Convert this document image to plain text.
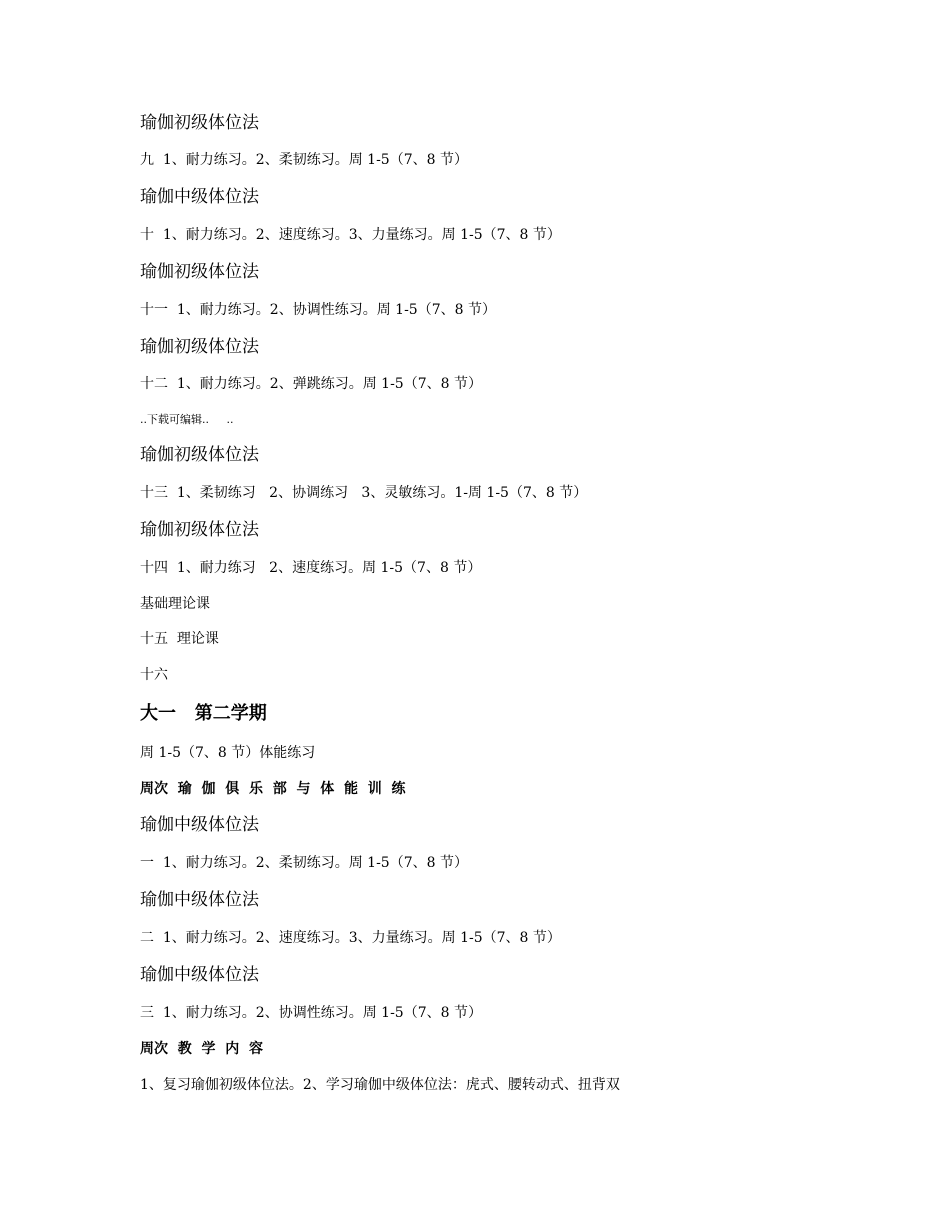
瑜伽初级体位法
九  1、耐力练习。2、柔韧练习。周 1-5（7、8 节）
瑜伽中级体位法
十  1、耐力练习。2、速度练习。3、力量练习。周 1-5（7、8 节）
瑜伽初级体位法
十一  1、耐力练习。2、协调性练习。周 1-5（7、8 节）
瑜伽初级体位法
十二  1、耐力练习。2、弹跳练习。周 1-5（7、8 节）
..下载可编辑..     ..
瑜伽初级体位法
十三  1、柔韧练习   2、协调练习   3、灵敏练习。1-周 1-5（7、8 节）
瑜伽初级体位法
十四  1、耐力练习   2、速度练习。周 1-5（7、8 节）
基础理论课
十五  理论课
十六
大一   第二学期
周 1-5（7、8 节）体能练习
周次  瑜  伽  俱  乐  部  与  体  能  训  练
瑜伽中级体位法
一  1、耐力练习。2、柔韧练习。周 1-5（7、8 节）
瑜伽中级体位法
二  1、耐力练习。2、速度练习。3、力量练习。周 1-5（7、8 节）
瑜伽中级体位法
三  1、耐力练习。2、协调性练习。周 1-5（7、8 节）
周次  教  学  内  容
1、复习瑜伽初级体位法。2、学习瑜伽中级体位法：虎式、腰转动式、扭背双
